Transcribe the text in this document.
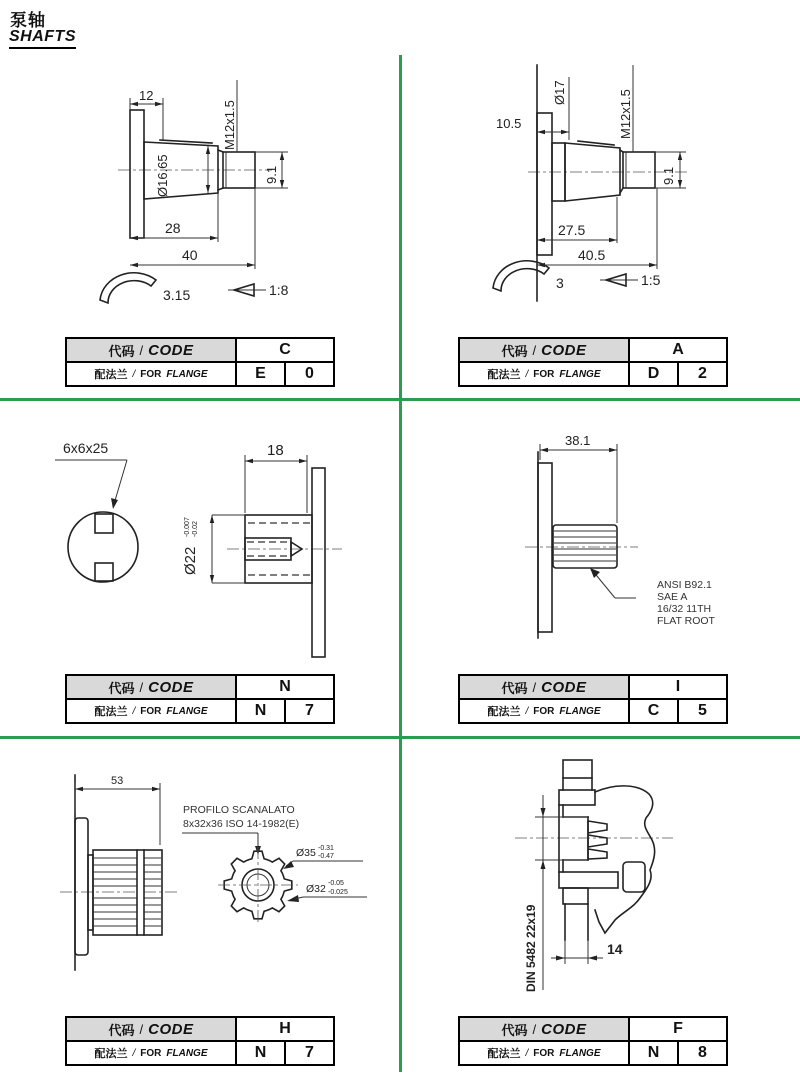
泵轴
SHAFTS
12
M12x1.5
9.1
Ø16.65
28
40
3.15	1:8
10.5
Ø17	M12x1.5
9.1
27.5
40.5
3	1:5
6x6x25
Ø22
-0.007 -0.02
18
38.1
ANSI B92.1
SAE A
16/32 11TH
FLAT ROOT
53
PROFILO SCANALATO
8x32x36 ISO 14-1982(E)
Ø35 -0.31
-0.47
Ø32 -0.05
-0.025
DIN 5482 22x19	14
代码 / CODE	C
配法兰 / FOR FLANGE	E	0
代码 / CODE	A
配法兰 / FOR FLANGE	D	2
代码 / CODE	N
配法兰 / FOR FLANGE	N	7
代码 / CODE	I
配法兰 / FOR FLANGE	C	5
代码 / CODE	H
配法兰 / FOR FLANGE	N	7
代码 / CODE	F
配法兰 / FOR FLANGE	N	8
